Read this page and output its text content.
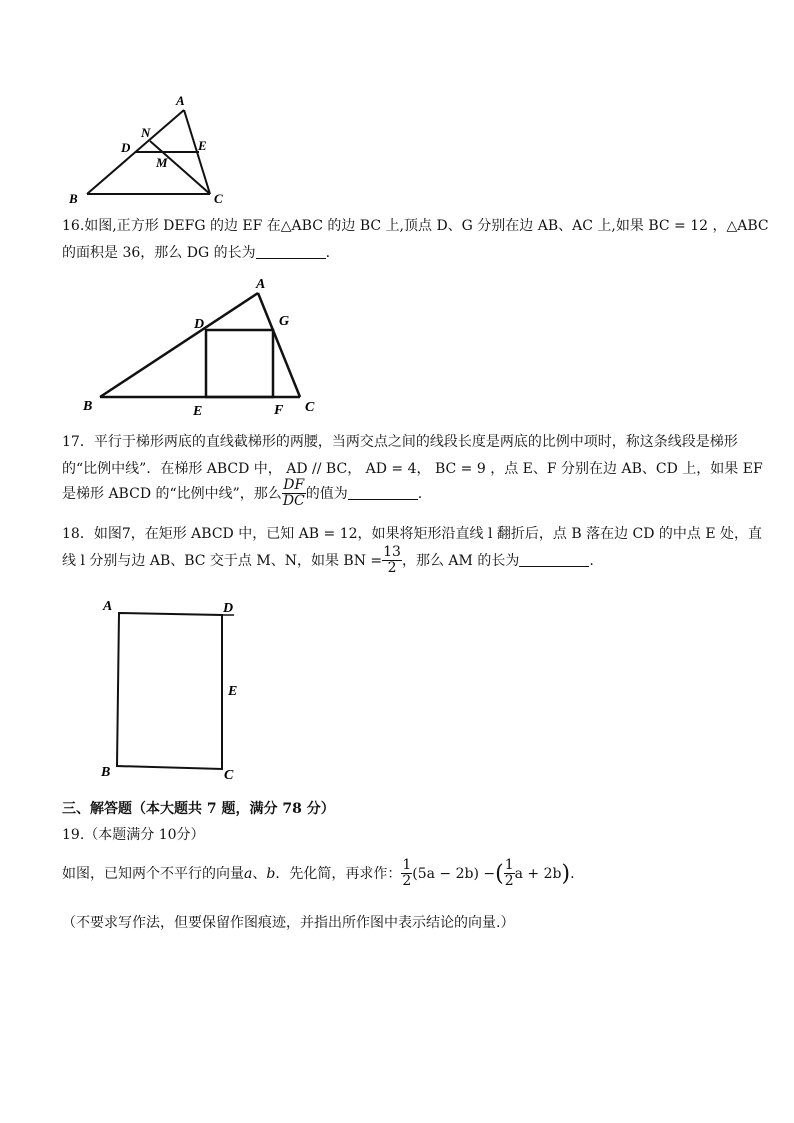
A
N
D	E
M
B	C
16.如图,正方形 DEFG 的边 EF 在△ABC 的边 BC 上,顶点 D、G 分别在边 AB、AC 上,如果 BC = 12 ，△ABC
的面积是 36，那么 DG 的长为	.
A
D	G
B	E	F C
17．平行于梯形两底的直线截梯形的两腰，当两交点之间的线段长度是两底的比例中项时，称这条线段是梯形
的“比例中线”．在梯形 ABCD 中， AD // BC， AD = 4， BC = 9 ，点 E、F 分别在边 AB、CD 上，如果 EF
是梯形 ABCD 的“比例中线”，那么 $\frac{DF}{DC}$ 的值为	.
18．如图7，在矩形 ABCD 中，已知 AB = 12，如果将矩形沿直线 l 翻折后，点 B 落在边 CD 的中点 E 处，直
线 l 分别与边 AB、BC 交于点 M、N，如果 BN = $\frac{13}{2}$ ，那么 AM 的长为	.
A	D
E
B	C
三、解答题（本大题共 7 题，满分 78 分）
19.（本题满分 10分）
如图，已知两个不平行的向量a、b．先化简，再求作： $\frac{1}{2} (5a - 2b)$ −( $\frac{1}{2}$ a + 2b).
（不要求写作法，但要保留作图痕迹，并指出所作图中表示结论的向量.）
